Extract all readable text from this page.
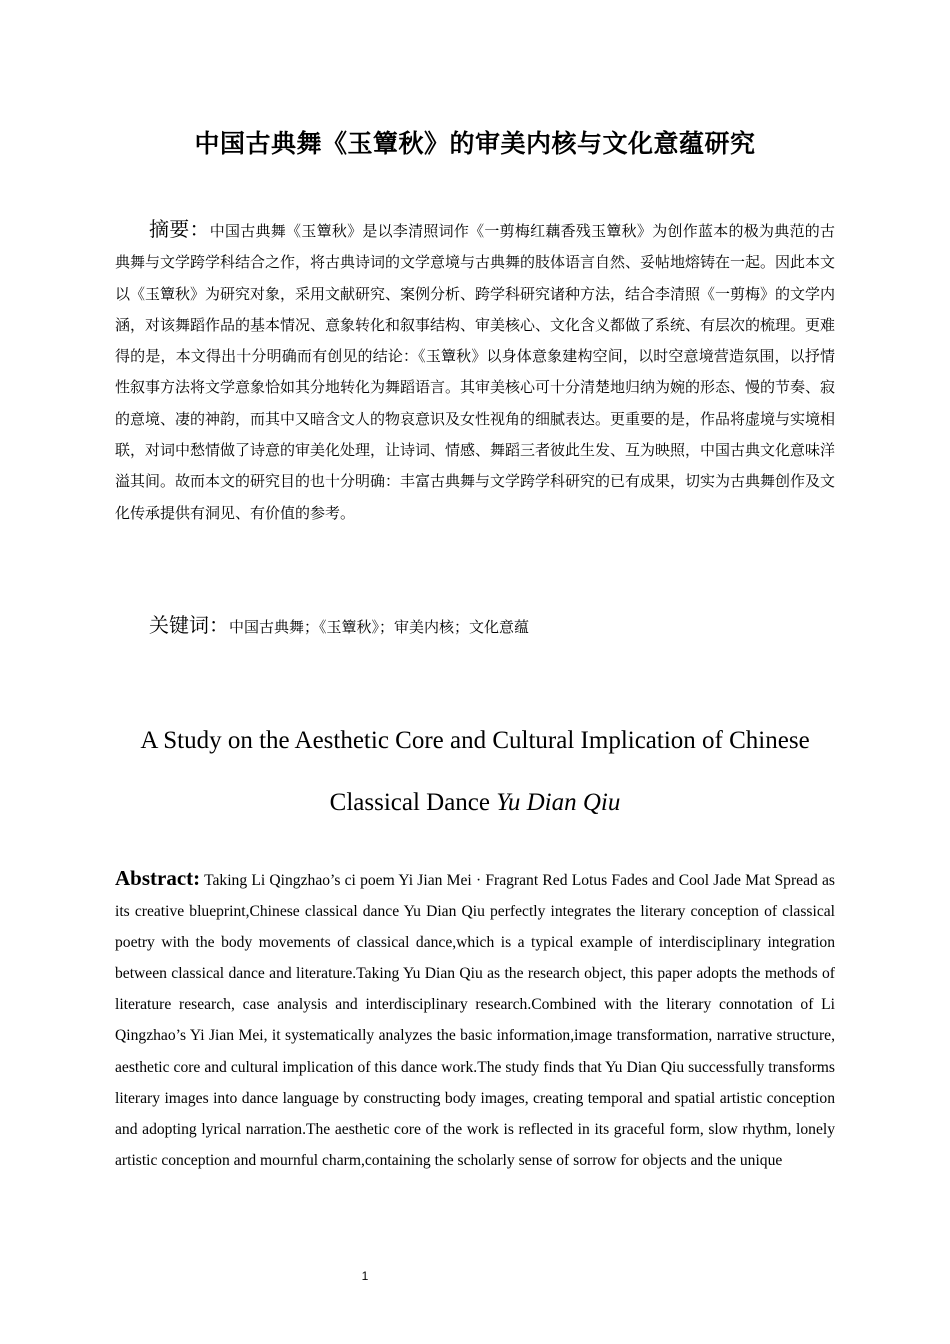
中国古典舞《玉簟秋》的审美内核与文化意蕴研究
摘要：中国古典舞《玉簟秋》是以李清照词作《一剪梅红藕香残玉簟秋》为创作蓝本的极为典范的古典舞与文学跨学科结合之作，将古典诗词的文学意境与古典舞的肢体语言自然、妥帖地熔铸在一起。因此本文以《玉簟秋》为研究对象，采用文献研究、案例分析、跨学科研究诸种方法，结合李清照《一剪梅》的文学内涵，对该舞蹈作品的基本情况、意象转化和叙事结构、审美核心、文化含义都做了系统、有层次的梳理。更难得的是，本文得出十分明确而有创见的结论：《玉簟秋》以身体意象建构空间，以时空意境营造氛围，以抒情性叙事方法将文学意象恰如其分地转化为舞蹈语言。其审美核心可十分清楚地归纳为婉的形态、慢的节奏、寂的意境、凄的神韵，而其中又暗含文人的物哀意识及女性视角的细腻表达。更重要的是，作品将虚境与实境相联，对词中愁情做了诗意的审美化处理，让诗词、情感、舞蹈三者彼此生发、互为映照，中国古典文化意味洋溢其间。故而本文的研究目的也十分明确：丰富古典舞与文学跨学科研究的已有成果，切实为古典舞创作及文化传承提供有洞见、有价值的参考。
关键词：中国古典舞；《玉簟秋》；审美内核；文化意蕴
A Study on the Aesthetic Core and Cultural Implication of Chinese
Classical Dance Yu Dian Qiu
Abstract: Taking Li Qingzhao’s ci poem Yi Jian Mei · Fragrant Red Lotus Fades and Cool Jade Mat Spread as its creative blueprint,Chinese classical dance Yu Dian Qiu perfectly integrates the literary conception of classical poetry with the body movements of classical dance,which is a typical example of interdisciplinary integration between classical dance and literature.Taking Yu Dian Qiu as the research object, this paper adopts the methods of literature research, case analysis and interdisciplinary research.Combined with the literary connotation of Li Qingzhao’s Yi Jian Mei, it systematically analyzes the basic information,image transformation, narrative structure, aesthetic core and cultural implication of this dance work.The study finds that Yu Dian Qiu successfully transforms literary images into dance language by constructing body images, creating temporal and spatial artistic conception and adopting lyrical narration.The aesthetic core of the work is reflected in its graceful form, slow rhythm, lonely artistic conception and mournful charm,containing the scholarly sense of sorrow for objects and the unique
1
